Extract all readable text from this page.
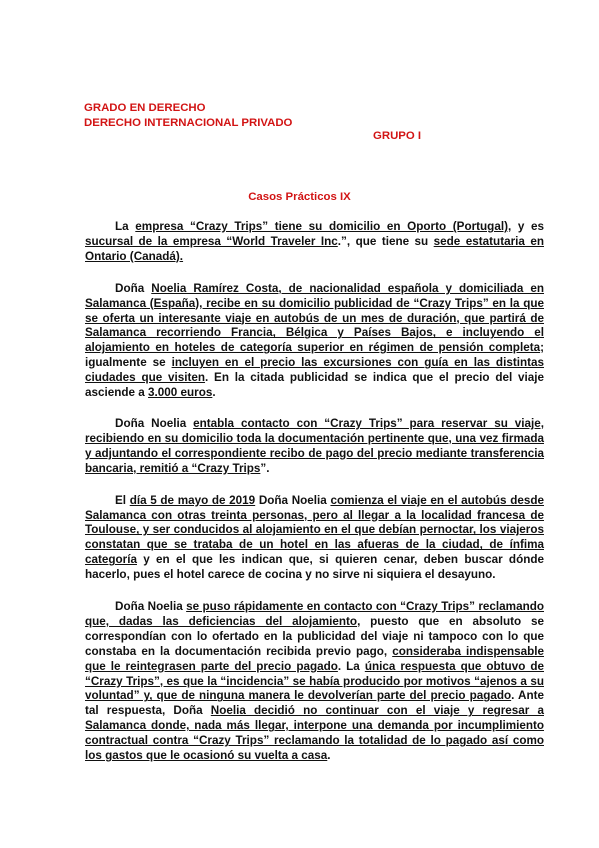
GRADO EN DERECHO
DERECHO INTERNACIONAL PRIVADO
GRUPO I
Casos Prácticos IX

La empresa “Crazy Trips” tiene su domicilio en Oporto (Portugal), y es sucursal de la empresa “World Traveler Inc.”, que tiene su sede estatutaria en Ontario (Canadá).

Doña Noelia Ramírez Costa, de nacionalidad española y domiciliada en Salamanca (España), recibe en su domicilio publicidad de “Crazy Trips” en la que se oferta un interesante viaje en autobús de un mes de duración, que partirá de Salamanca recorriendo Francia, Bélgica y Países Bajos, e incluyendo el alojamiento en hoteles de categoría superior en régimen de pensión completa; igualmente se incluyen en el precio las excursiones con guía en las distintas ciudades que visiten. En la citada publicidad se indica que el precio del viaje asciende a 3.000 euros.

Doña Noelia entabla contacto con “Crazy Trips” para reservar su viaje, recibiendo en su domicilio toda la documentación pertinente que, una vez firmada y adjuntando el correspondiente recibo de pago del precio mediante transferencia bancaria, remitió a “Crazy Trips”.

El día 5 de mayo de 2019 Doña Noelia comienza el viaje en el autobús desde Salamanca con otras treinta personas, pero al llegar a la localidad francesa de Toulouse, y ser conducidos al alojamiento en el que debían pernoctar, los viajeros constatan que se trataba de un hotel en las afueras de la ciudad, de ínfima categoría y en el que les indican que, si quieren cenar, deben buscar dónde hacerlo, pues el hotel carece de cocina y no sirve ni siquiera el desayuno.

Doña Noelia se puso rápidamente en contacto con “Crazy Trips” reclamando que, dadas las deficiencias del alojamiento, puesto que en absoluto se correspondían con lo ofertado en la publicidad del viaje ni tampoco con lo que constaba en la documentación recibida previo pago, consideraba indispensable que le reintegrasen parte del precio pagado. La única respuesta que obtuvo de “Crazy Trips”, es que la “incidencia” se había producido por motivos “ajenos a su voluntad” y, que de ninguna manera le devolverían parte del precio pagado. Ante tal respuesta, Doña Noelia decidió no continuar con el viaje y regresar a Salamanca donde, nada más llegar, interpone una demanda por incumplimiento contractual contra “Crazy Trips” reclamando la totalidad de lo pagado así como los gastos que le ocasionó su vuelta a casa.
